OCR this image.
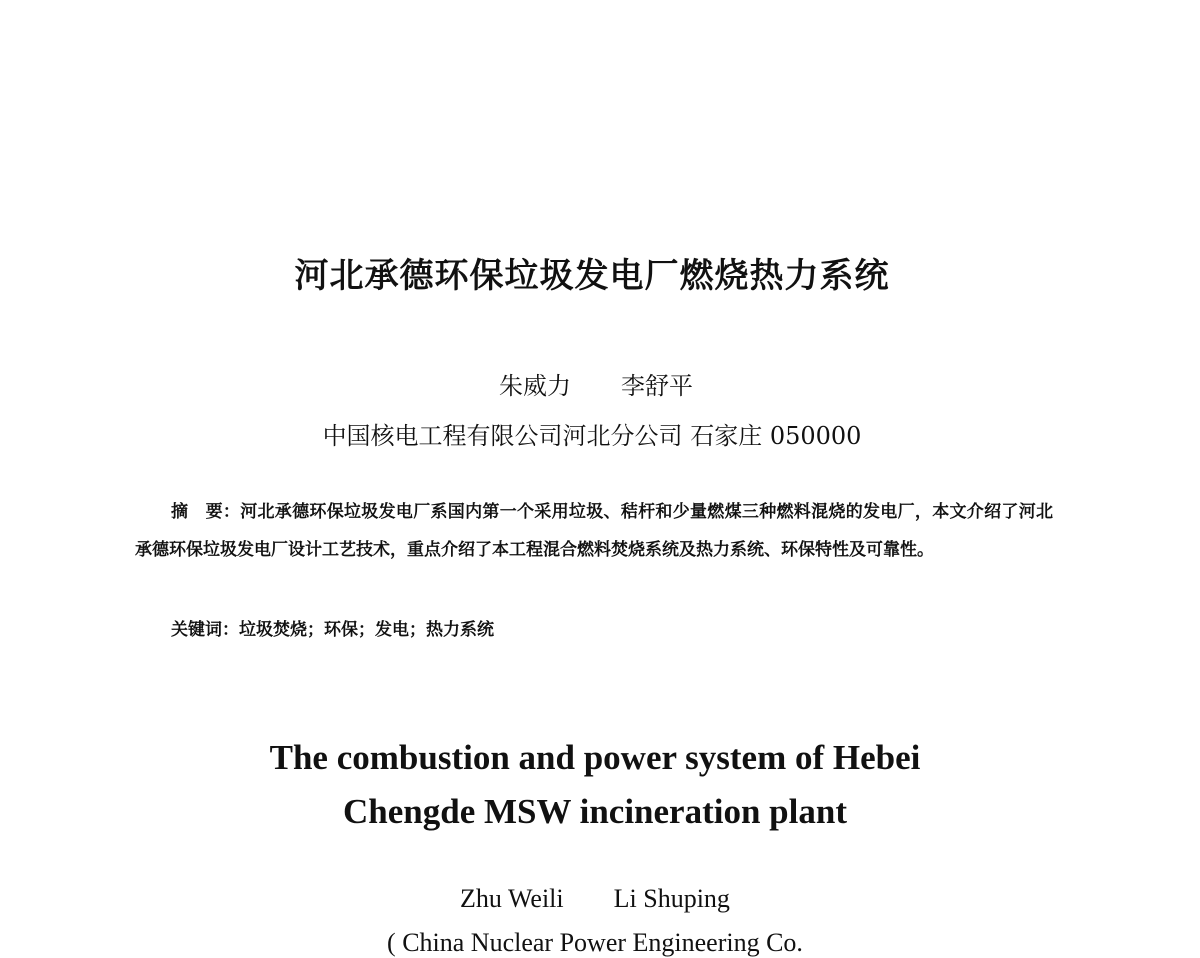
河北承德环保垃圾发电厂燃烧热力系统
朱威力 李舒平
中国核电工程有限公司河北分公司 石家庄 050000
摘　要：河北承德环保垃圾发电厂系国内第一个采用垃圾、秸杆和少量燃煤三种燃料混烧的发电厂，本文介绍了河北承德环保垃圾发电厂设计工艺技术，重点介绍了本工程混合燃料焚烧系统及热力系统、环保特性及可靠性。
关键词：垃圾焚烧；环保；发电；热力系统
The combustion and power system of Hebei
Chengde MSW incineration plant
Zhu Weili Li Shuping
( China Nuclear Power Engineering Co.
